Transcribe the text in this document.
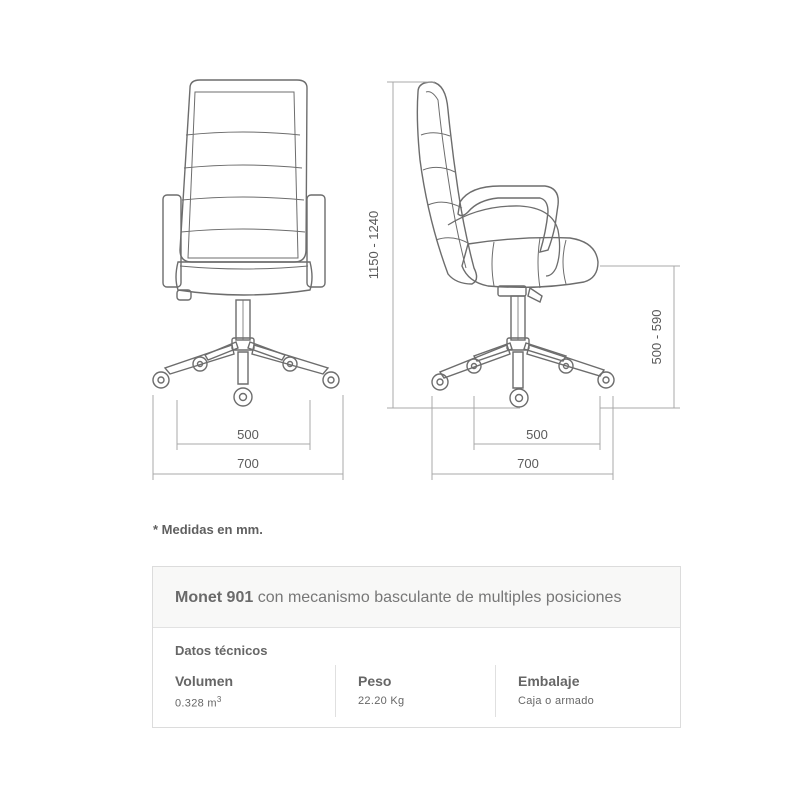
500
700
500
700
1150 - 1240
500 - 590
* Medidas en mm.
Monet 901 con mecanismo basculante de multiples posiciones
Datos técnicos
Volumen
0.328 $m^3$
Peso
22.20 Kg
Embalaje
Caja o armado
